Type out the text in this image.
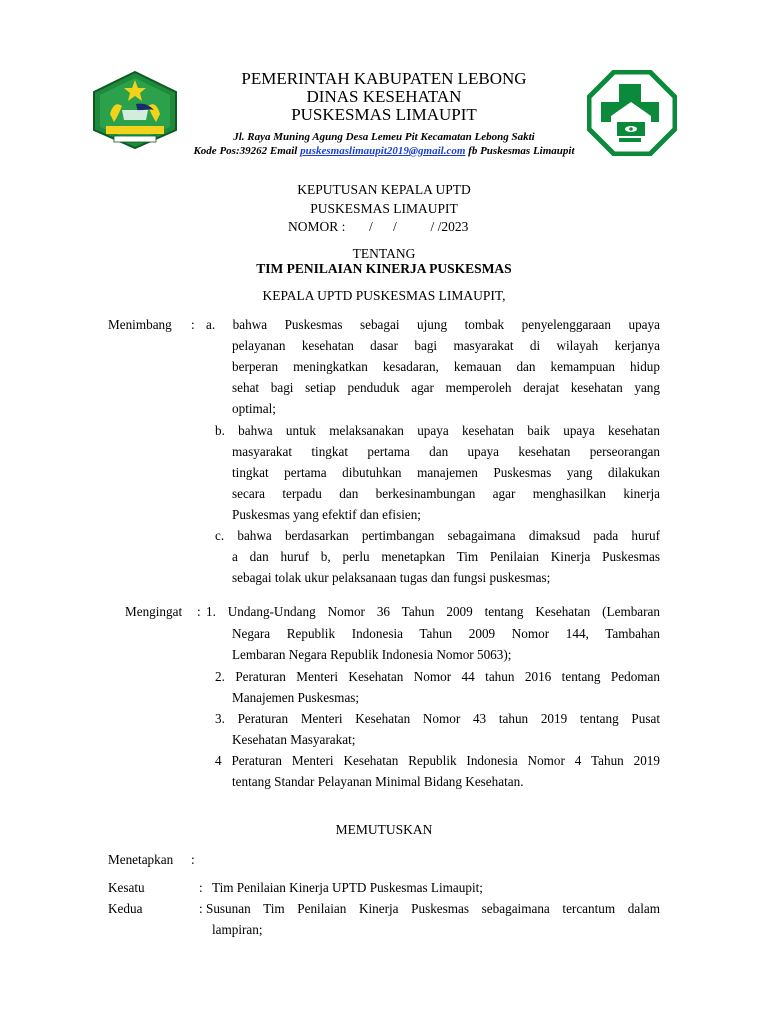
PEMERINTAH KABUPATEN LEBONG
DINAS KESEHATAN
PUSKESMAS LIMAUPIT
Jl. Raya Muning Agung Desa Lemeu Pit Kecamatan Lebong Sakti
Kode Pos:39262 Email puskesmaslimaupit2019@gmail.com fb Puskesmas Limaupit
KEPUTUSAN KEPALA UPTD
PUSKESMAS LIMAUPIT
NOMOR :       /      /          / /2023
TENTANG
TIM PENILAIAN KINERJA PUSKESMAS
KEPALA UPTD PUSKESMAS LIMAUPIT,
Menimbang : a. bahwa Puskesmas sebagai ujung tombak penyelenggaraan upaya
pelayanan kesehatan dasar bagi masyarakat di wilayah kerjanya
berperan meningkatkan kesadaran, kemauan dan kemampuan hidup
sehat bagi setiap penduduk agar memperoleh derajat kesehatan yang
optimal;
b. bahwa untuk melaksanakan upaya kesehatan baik upaya kesehatan
masyarakat tingkat pertama dan upaya kesehatan perseorangan
tingkat pertama dibutuhkan manajemen Puskesmas yang dilakukan
secara terpadu dan berkesinambungan agar menghasilkan kinerja
Puskesmas yang efektif dan efisien;
c. bahwa berdasarkan pertimbangan sebagaimana dimaksud pada huruf
a dan huruf b, perlu menetapkan Tim Penilaian Kinerja Puskesmas
sebagai tolak ukur pelaksanaan tugas dan fungsi puskesmas;
Mengingat : 1. Undang-Undang Nomor 36 Tahun 2009 tentang Kesehatan (Lembaran
Negara Republik Indonesia Tahun 2009 Nomor 144, Tambahan
Lembaran Negara Republik Indonesia Nomor 5063);
2. Peraturan Menteri Kesehatan Nomor 44 tahun 2016 tentang Pedoman
Manajemen Puskesmas;
3. Peraturan Menteri Kesehatan Nomor 43 tahun 2019 tentang Pusat
Kesehatan Masyarakat;
4 Peraturan Menteri Kesehatan Republik Indonesia Nomor 4 Tahun 2019
tentang Standar Pelayanan Minimal Bidang Kesehatan.
MEMUTUSKAN
Menetapkan :
Kesatu	: Tim Penilaian Kinerja UPTD Puskesmas Limaupit;
Kedua	: Susunan Tim Penilaian Kinerja Puskesmas sebagaimana tercantum dalam
lampiran;
